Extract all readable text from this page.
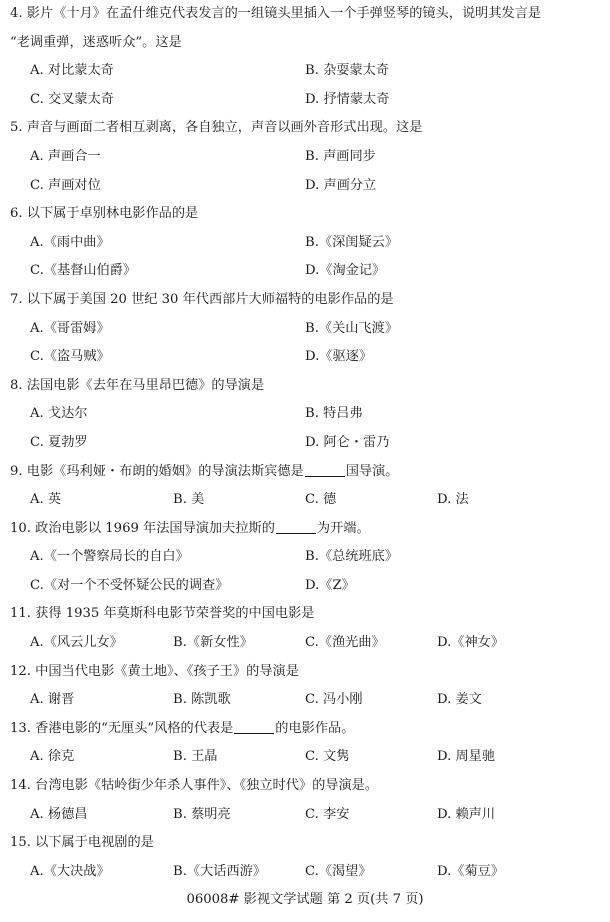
4. 影片《十月》在孟什维克代表发言的一组镜头里插入一个手弹竖琴的镜头，说明其发言是
“老调重弹，迷惑听众”。这是
A. 对比蒙太奇	B. 杂耍蒙太奇
C. 交叉蒙太奇	D. 抒情蒙太奇
5. 声音与画面二者相互剥离，各自独立，声音以画外音形式出现。这是
A. 声画合一	B. 声画同步
C. 声画对位	D. 声画分立
6. 以下属于卓别林电影作品的是
A.《雨中曲》	B.《深闺疑云》
C.《基督山伯爵》	D.《淘金记》
7. 以下属于美国 20 世纪 30 年代西部片大师福特的电影作品的是
A.《哥雷姆》	B.《关山飞渡》
C.《盗马贼》	D.《驱逐》
8. 法国电影《去年在马里昂巴德》的导演是
A. 戈达尔	B. 特吕弗
C. 夏勃罗	D. 阿仑・雷乃
9. 电影《玛利娅・布朗的婚姻》的导演法斯宾德是	国导演。
A. 英	B. 美	C. 德	D. 法
10. 政治电影以 1969 年法国导演加夫拉斯的	为开端。
A.《一个警察局长的自白》	B.《总统班底》
C.《对一个不受怀疑公民的调查》	D.《Z》
11. 获得 1935 年莫斯科电影节荣誉奖的中国电影是
A.《风云儿女》	B.《新女性》	C.《渔光曲》	D.《神女》
12. 中国当代电影《黄土地》、《孩子王》的导演是
A. 谢晋	B. 陈凯歌	C. 冯小刚	D. 姜文
13. 香港电影的“无厘头”风格的代表是	的电影作品。
A. 徐克	B. 王晶	C. 文隽	D. 周星驰
14. 台湾电影《牯岭街少年杀人事件》、《独立时代》的导演是。
A. 杨德昌	B. 蔡明亮	C. 李安	D. 赖声川
15. 以下属于电视剧的是
A.《大决战》	B.《大话西游》	C.《渴望》	D.《菊豆》
06008# 影视文学试题 第 2 页(共 7 页)
